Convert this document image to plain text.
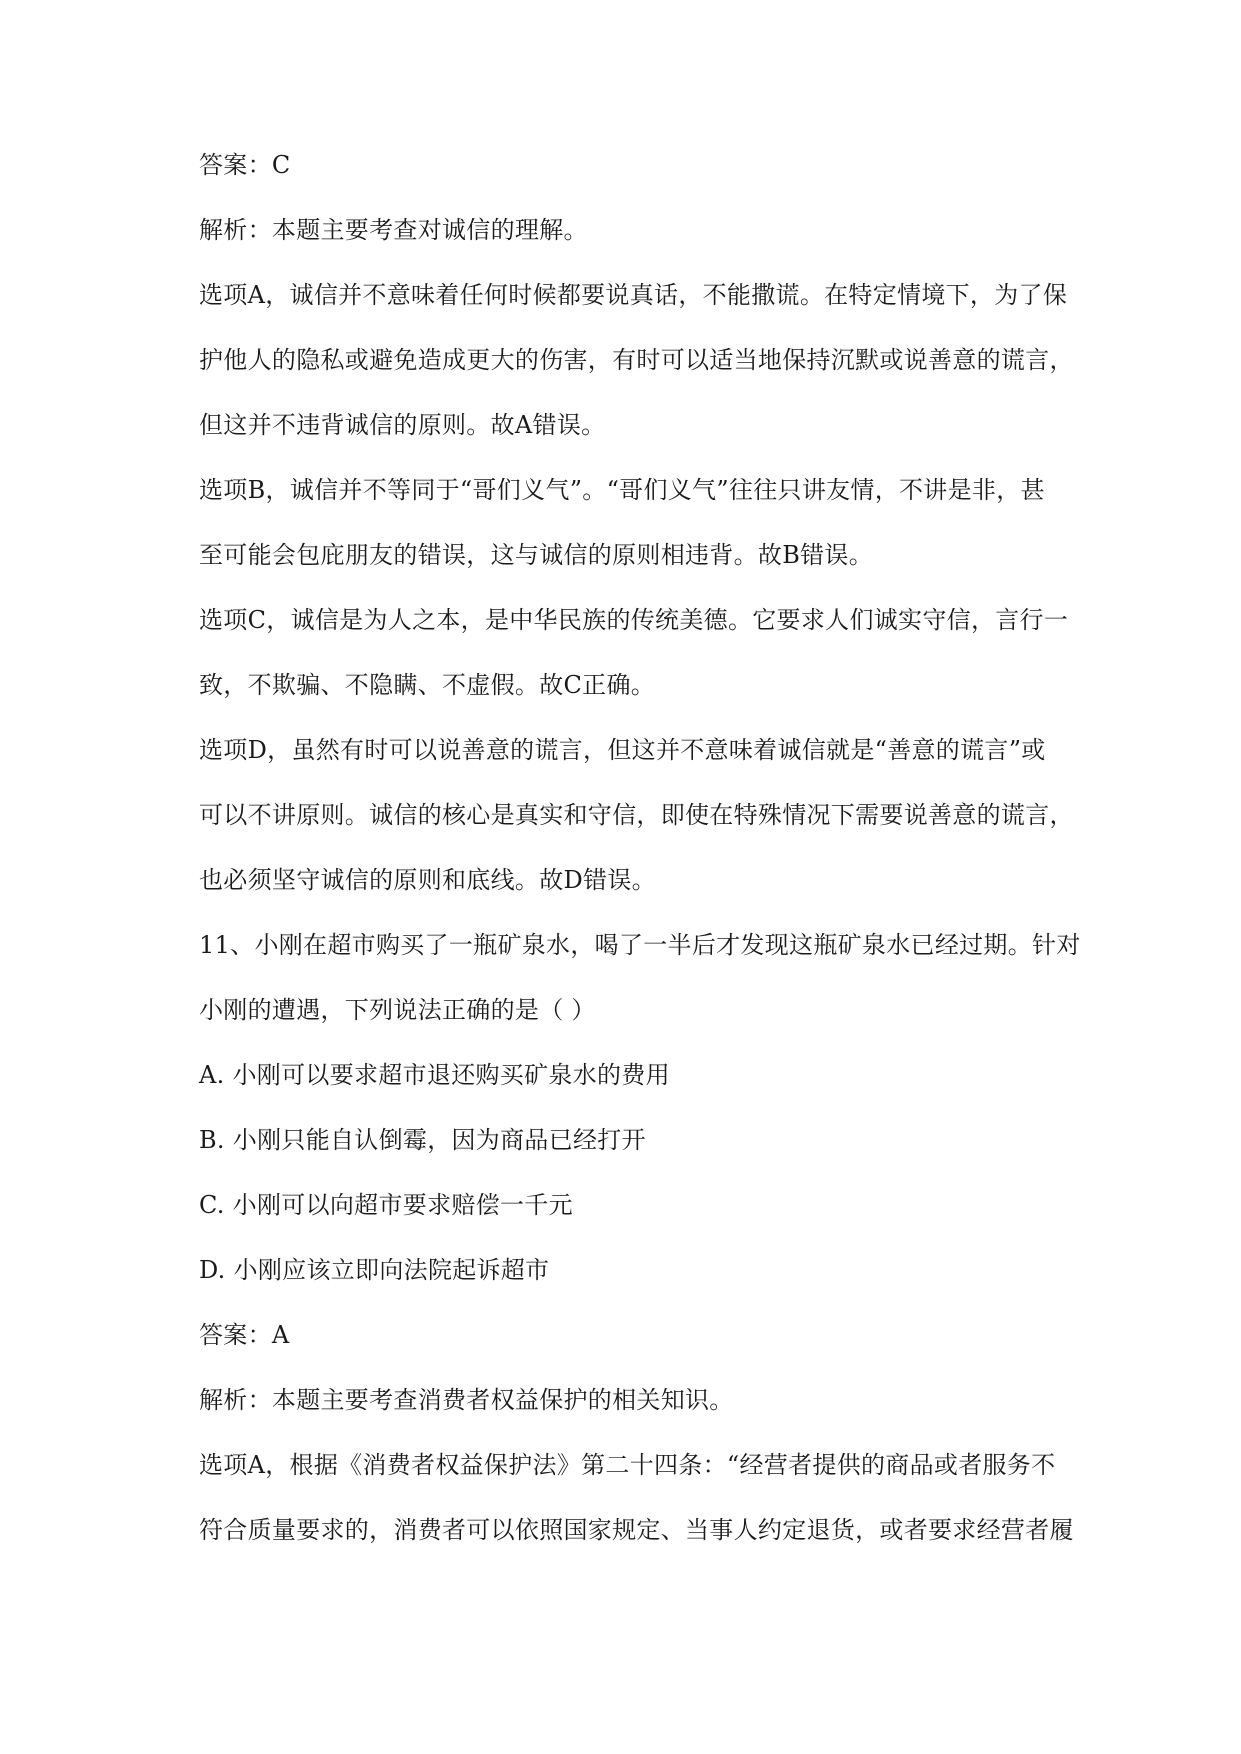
答案：C
解析：本题主要考查对诚信的理解。
选项A，诚信并不意味着任何时候都要说真话，不能撒谎。在特定情境下，为了保
护他人的隐私或避免造成更大的伤害，有时可以适当地保持沉默或说善意的谎言，
但这并不违背诚信的原则。故A错误。
选项B，诚信并不等同于“哥们义气”。“哥们义气”往往只讲友情，不讲是非，甚
至可能会包庇朋友的错误，这与诚信的原则相违背。故B错误。
选项C，诚信是为人之本，是中华民族的传统美德。它要求人们诚实守信，言行一
致，不欺骗、不隐瞒、不虚假。故C正确。
选项D，虽然有时可以说善意的谎言，但这并不意味着诚信就是“善意的谎言”或
可以不讲原则。诚信的核心是真实和守信，即使在特殊情况下需要说善意的谎言，
也必须坚守诚信的原则和底线。故D错误。
11、小刚在超市购买了一瓶矿泉水，喝了一半后才发现这瓶矿泉水已经过期。针对
小刚的遭遇，下列说法正确的是（ ）
A. 小刚可以要求超市退还购买矿泉水的费用
B. 小刚只能自认倒霉，因为商品已经打开
C. 小刚可以向超市要求赔偿一千元
D. 小刚应该立即向法院起诉超市
答案：A
解析：本题主要考查消费者权益保护的相关知识。
选项A，根据《消费者权益保护法》第二十四条：“经营者提供的商品或者服务不
符合质量要求的，消费者可以依照国家规定、当事人约定退货，或者要求经营者履
